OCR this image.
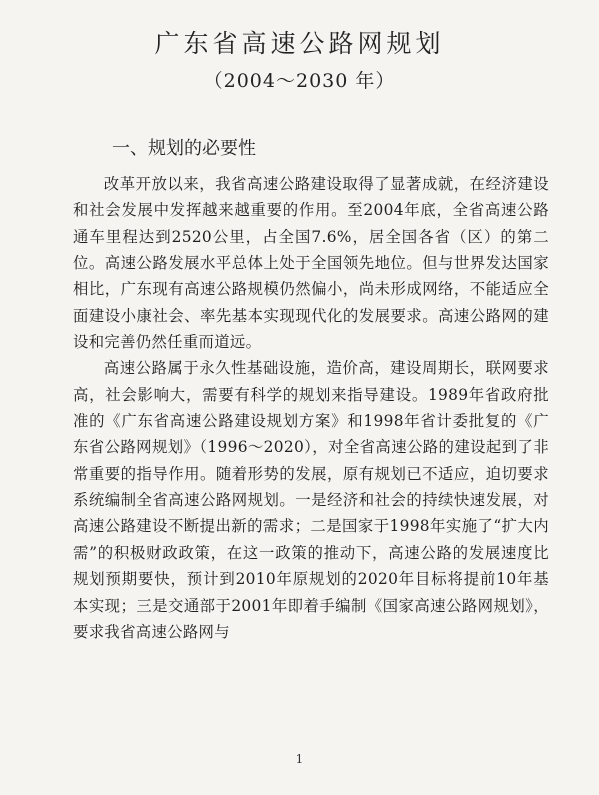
广东省高速公路网规划
（2004～2030 年）
一、规划的必要性

改革开放以来，我省高速公路建设取得了显著成就，在经济建设和社会发展中发挥越来越重要的作用。至2004年底，全省高速公路通车里程达到2520公里，占全国7.6%，居全国各省（区）的第二位。高速公路发展水平总体上处于全国领先地位。但与世界发达国家相比，广东现有高速公路规模仍然偏小，尚未形成网络，不能适应全面建设小康社会、率先基本实现现代化的发展要求。高速公路网的建设和完善仍然任重而道远。

高速公路属于永久性基础设施，造价高，建设周期长，联网要求高，社会影响大，需要有科学的规划来指导建设。1989年省政府批准的《广东省高速公路建设规划方案》和1998年省计委批复的《广东省公路网规划》（1996～2020），对全省高速公路的建设起到了非常重要的指导作用。随着形势的发展，原有规划已不适应，迫切要求系统编制全省高速公路网规划。一是经济和社会的持续快速发展，对高速公路建设不断提出新的需求；二是国家于1998年实施了“扩大内需”的积极财政政策，在这一政策的推动下，高速公路的发展速度比规划预期要快，预计到2010年原规划的2020年目标将提前10年基本实现；三是交通部于2001年即着手编制《国家高速公路网规划》，要求我省高速公路网与

1
